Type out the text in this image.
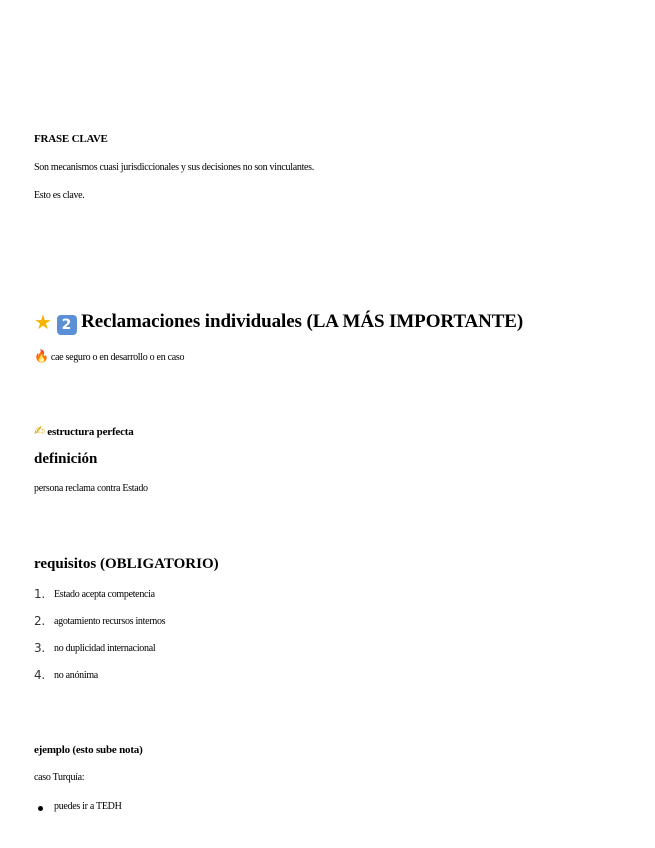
FRASE CLAVE
Son mecanismos cuasi jurisdiccionales y sus decisiones no son vinculantes.
Esto es clave.
★ 2 Reclamaciones individuales (LA MÁS IMPORTANTE)
🔥 cae seguro o en desarrollo o en caso
✍ estructura perfecta
definición
persona reclama contra Estado
requisitos (OBLIGATORIO)
1. Estado acepta competencia
2. agotamiento recursos internos
3. no duplicidad internacional
4. no anónima
ejemplo (esto sube nota)
caso Turquía:
puedes ir a TEDH
